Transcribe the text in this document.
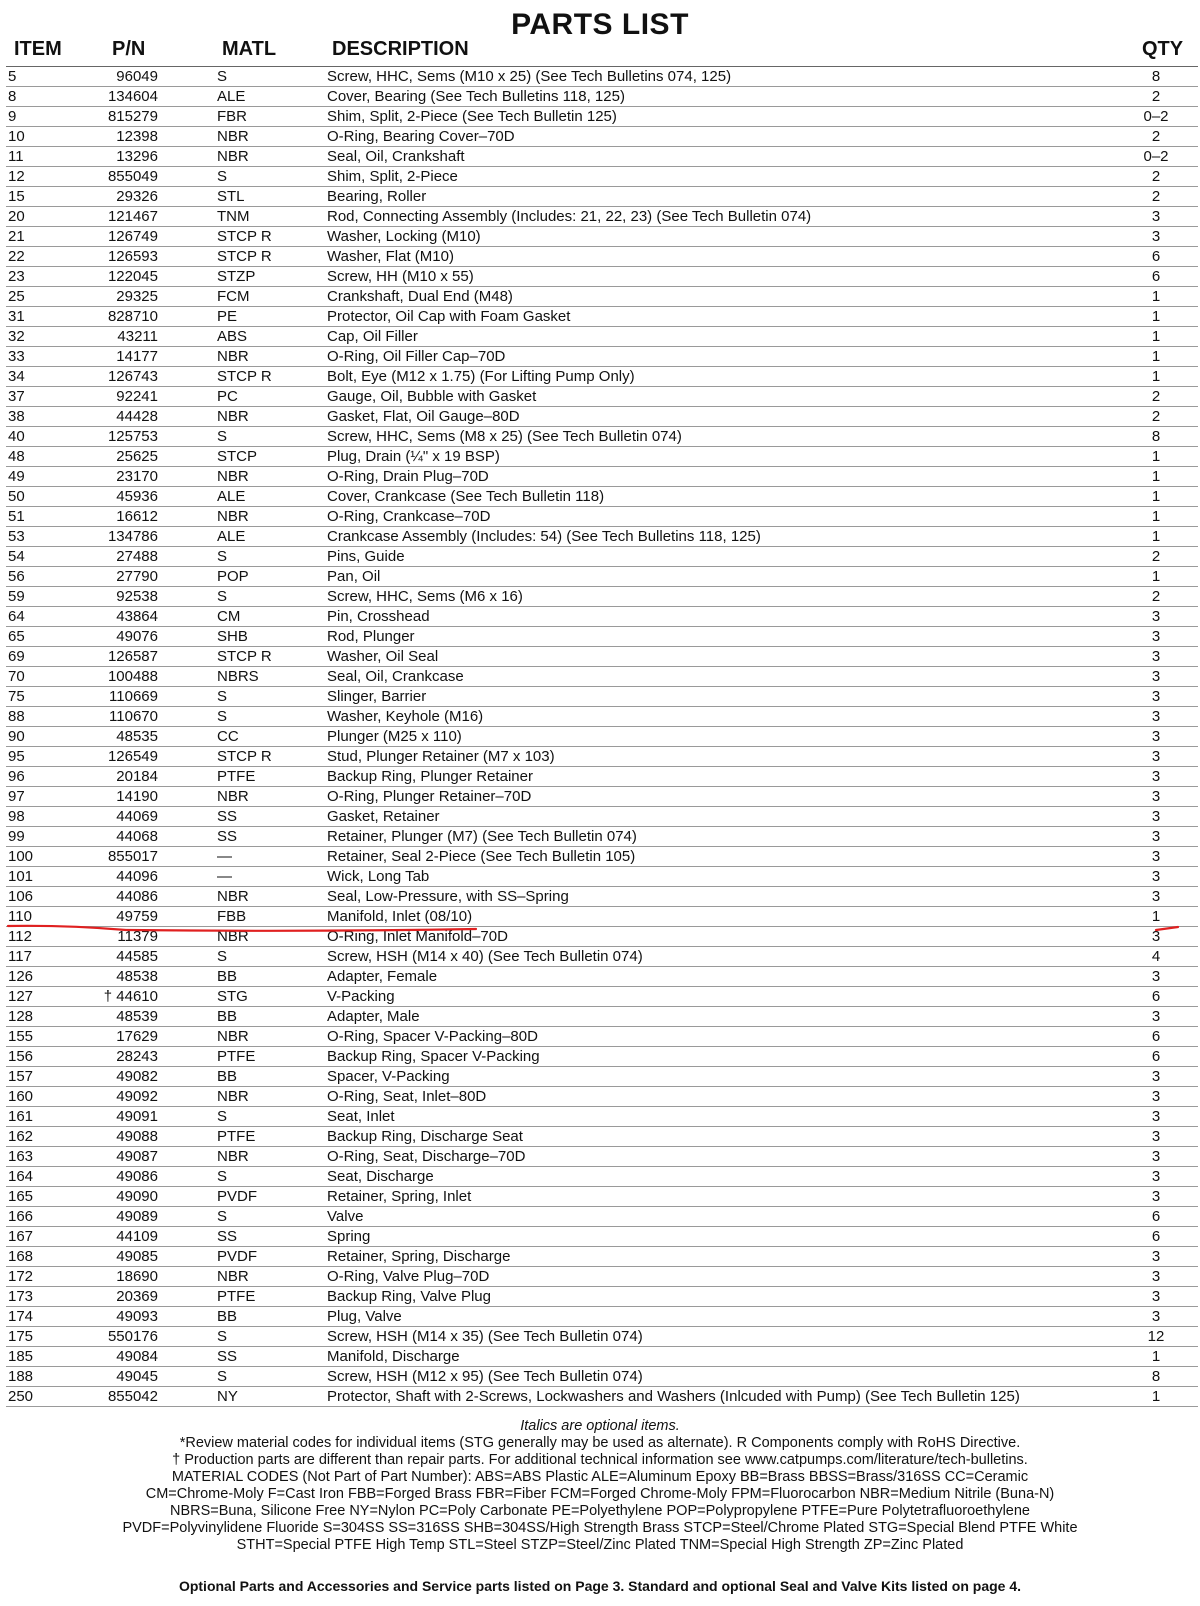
PARTS LIST
ITEM	P/N	MATL	DESCRIPTION	QTY
5	96049	S	Screw, HHC, Sems (M10 x 25) (See Tech Bulletins 074, 125)	8
8	134604	ALE	Cover, Bearing (See Tech Bulletins 118, 125)	2
9	815279	FBR	Shim, Split, 2-Piece (See Tech Bulletin 125)	0–2
10	12398	NBR	O-Ring, Bearing Cover–70D	2
11	13296	NBR	Seal, Oil, Crankshaft	0–2
12	855049	S	Shim, Split, 2-Piece	2
15	29326	STL	Bearing, Roller	2
20	121467	TNM	Rod, Connecting Assembly (Includes: 21, 22, 23) (See Tech Bulletin 074)	3
21	126749	STCP R	Washer, Locking (M10)	3
22	126593	STCP R	Washer, Flat (M10)	6
23	122045	STZP	Screw, HH (M10 x 55)	6
25	29325	FCM	Crankshaft, Dual End (M48)	1
31	828710	PE	Protector, Oil Cap with Foam Gasket	1
32	43211	ABS	Cap, Oil Filler	1
33	14177	NBR	O-Ring, Oil Filler Cap–70D	1
34	126743	STCP R	Bolt, Eye (M12 x 1.75) (For Lifting Pump Only)	1
37	92241	PC	Gauge, Oil, Bubble with Gasket	2
38	44428	NBR	Gasket, Flat, Oil Gauge–80D	2
40	125753	S	Screw, HHC, Sems (M8 x 25) (See Tech Bulletin 074)	8
48	25625	STCP	Plug, Drain (¼" x 19 BSP)	1
49	23170	NBR	O-Ring, Drain Plug–70D	1
50	45936	ALE	Cover, Crankcase (See Tech Bulletin 118)	1
51	16612	NBR	O-Ring, Crankcase–70D	1
53	134786	ALE	Crankcase Assembly (Includes: 54) (See Tech Bulletins 118, 125)	1
54	27488	S	Pins, Guide	2
56	27790	POP	Pan, Oil	1
59	92538	S	Screw, HHC, Sems (M6 x 16)	2
64	43864	CM	Pin, Crosshead	3
65	49076	SHB	Rod, Plunger	3
69	126587	STCP R	Washer, Oil Seal	3
70	100488	NBRS	Seal, Oil, Crankcase	3
75	110669	S	Slinger, Barrier	3
88	110670	S	Washer, Keyhole (M16)	3
90	48535	CC	Plunger (M25 x 110)	3
95	126549	STCP R	Stud, Plunger Retainer (M7 x 103)	3
96	20184	PTFE	Backup Ring, Plunger Retainer	3
97	14190	NBR	O-Ring, Plunger Retainer–70D	3
98	44069	SS	Gasket, Retainer	3
99	44068	SS	Retainer, Plunger (M7) (See Tech Bulletin 074)	3
100	855017	—	Retainer, Seal 2-Piece (See Tech Bulletin 105)	3
101	44096	—	Wick, Long Tab	3
106	44086	NBR	Seal, Low-Pressure, with SS–Spring	3
110	49759	FBB	Manifold, Inlet (08/10)	1
112	11379	NBR	O-Ring, Inlet Manifold–70D	3
117	44585	S	Screw, HSH (M14 x 40) (See Tech Bulletin 074)	4
126	48538	BB	Adapter, Female	3
127	† 44610	STG	V-Packing	6
128	48539	BB	Adapter, Male	3
155	17629	NBR	O-Ring, Spacer V-Packing–80D	6
156	28243	PTFE	Backup Ring, Spacer V-Packing	6
157	49082	BB	Spacer, V-Packing	3
160	49092	NBR	O-Ring, Seat, Inlet–80D	3
161	49091	S	Seat, Inlet	3
162	49088	PTFE	Backup Ring, Discharge Seat	3
163	49087	NBR	O-Ring, Seat, Discharge–70D	3
164	49086	S	Seat, Discharge	3
165	49090	PVDF	Retainer, Spring, Inlet	3
166	49089	S	Valve	6
167	44109	SS	Spring	6
168	49085	PVDF	Retainer, Spring, Discharge	3
172	18690	NBR	O-Ring, Valve Plug–70D	3
173	20369	PTFE	Backup Ring, Valve Plug	3
174	49093	BB	Plug, Valve	3
175	550176	S	Screw, HSH (M14 x 35) (See Tech Bulletin 074)	12
185	49084	SS	Manifold, Discharge	1
188	49045	S	Screw, HSH (M12 x 95) (See Tech Bulletin 074)	8
250	855042	NY	Protector, Shaft with 2-Screws, Lockwashers and Washers (Inlcuded with Pump) (See Tech Bulletin 125)	1
Italics are optional items.
*Review material codes for individual items (STG generally may be used as alternate). R Components comply with RoHS Directive.
† Production parts are different than repair parts. For additional technical information see www.catpumps.com/literature/tech-bulletins.
MATERIAL CODES (Not Part of Part Number): ABS=ABS Plastic ALE=Aluminum Epoxy BB=Brass BBSS=Brass/316SS CC=Ceramic
CM=Chrome-Moly F=Cast Iron FBB=Forged Brass FBR=Fiber FCM=Forged Chrome-Moly FPM=Fluorocarbon NBR=Medium Nitrile (Buna-N)
NBRS=Buna, Silicone Free NY=Nylon PC=Poly Carbonate PE=Polyethylene POP=Polypropylene PTFE=Pure Polytetrafluoroethylene
PVDF=Polyvinylidene Fluoride S=304SS SS=316SS SHB=304SS/High Strength Brass STCP=Steel/Chrome Plated STG=Special Blend PTFE White
STHT=Special PTFE High Temp STL=Steel STZP=Steel/Zinc Plated TNM=Special High Strength ZP=Zinc Plated
Optional Parts and Accessories and Service parts listed on Page 3. Standard and optional Seal and Valve Kits listed on page 4.
